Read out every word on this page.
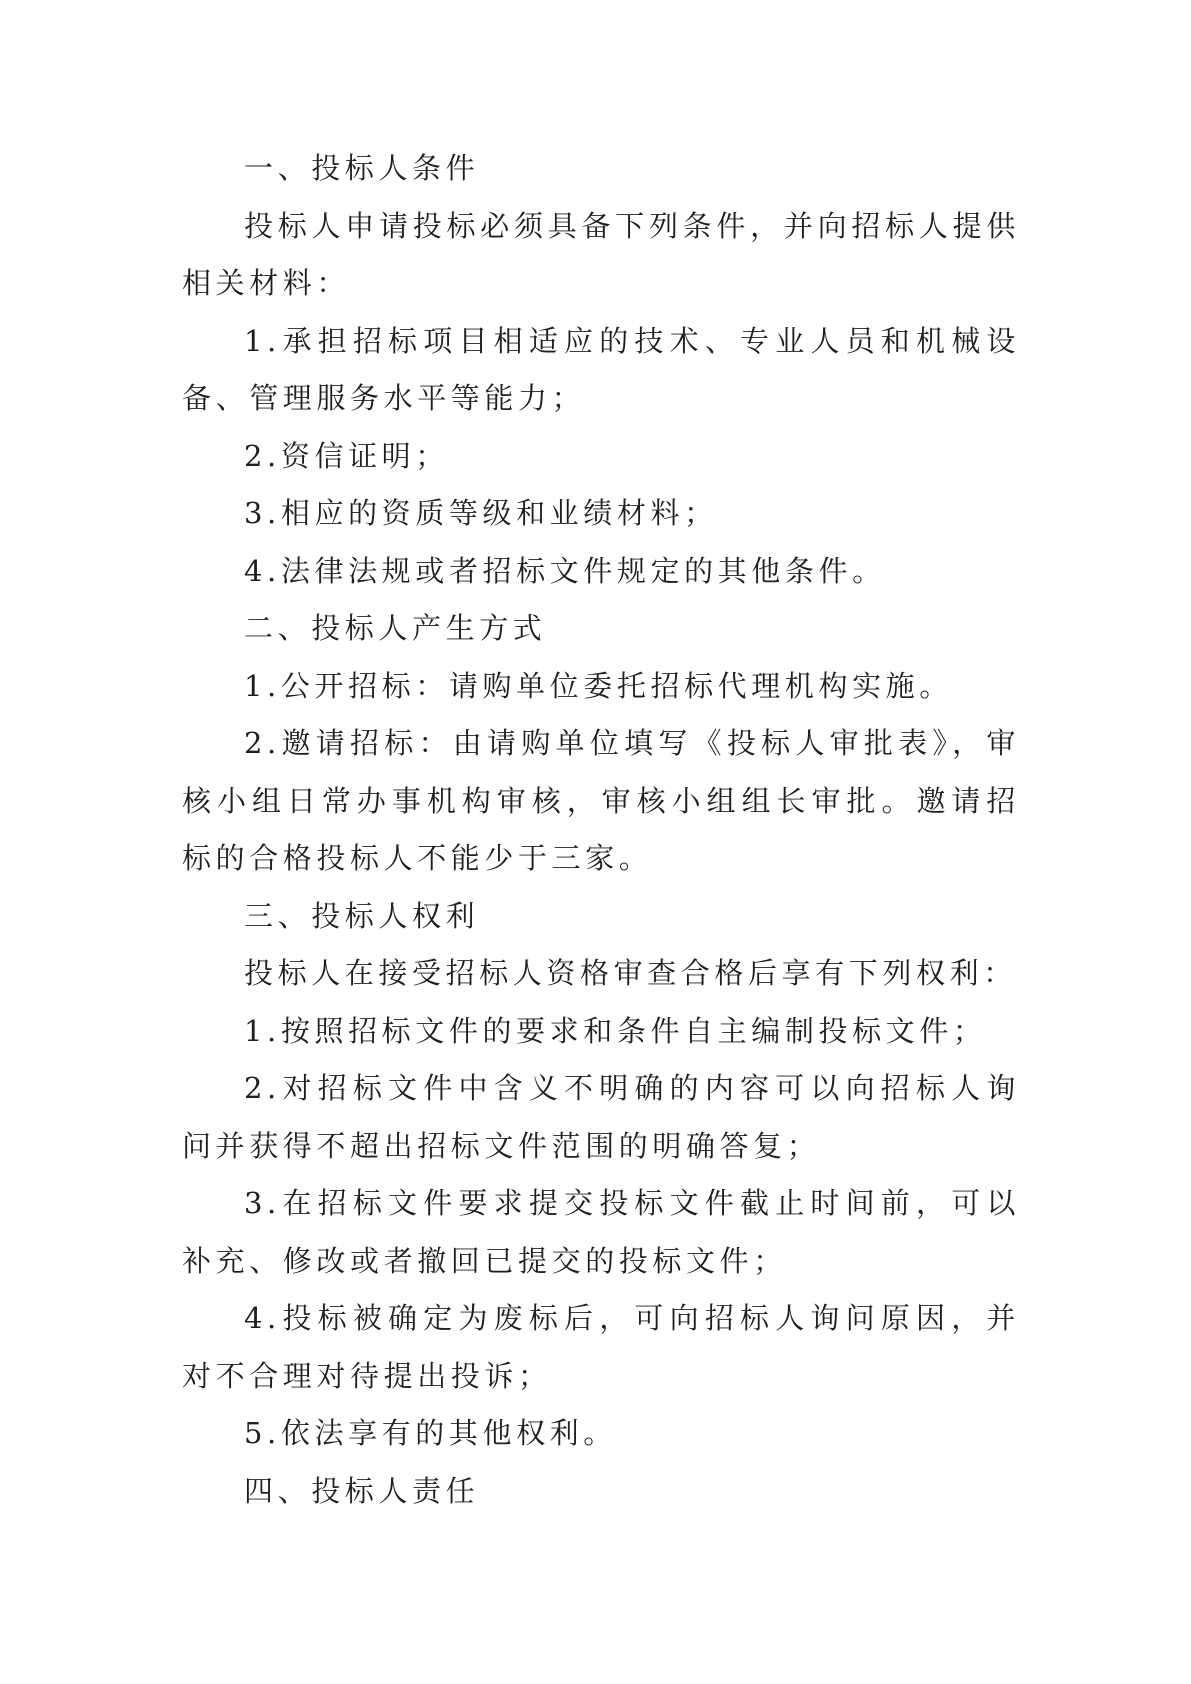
一、投标人条件

投标人申请投标必须具备下列条件，并向招标人提供相关材料：

1.承担招标项目相适应的技术、专业人员和机械设备、管理服务水平等能力；

2.资信证明；

3.相应的资质等级和业绩材料；

4.法律法规或者招标文件规定的其他条件。

二、投标人产生方式

1.公开招标：请购单位委托招标代理机构实施。

2.邀请招标：由请购单位填写《投标人审批表》，审核小组日常办事机构审核，审核小组组长审批。邀请招标的合格投标人不能少于三家。

三、投标人权利

投标人在接受招标人资格审查合格后享有下列权利：

1.按照招标文件的要求和条件自主编制投标文件；

2.对招标文件中含义不明确的内容可以向招标人询问并获得不超出招标文件范围的明确答复；

3.在招标文件要求提交投标文件截止时间前，可以补充、修改或者撤回已提交的投标文件；

4.投标被确定为废标后，可向招标人询问原因，并对不合理对待提出投诉；

5.依法享有的其他权利。

四、投标人责任
